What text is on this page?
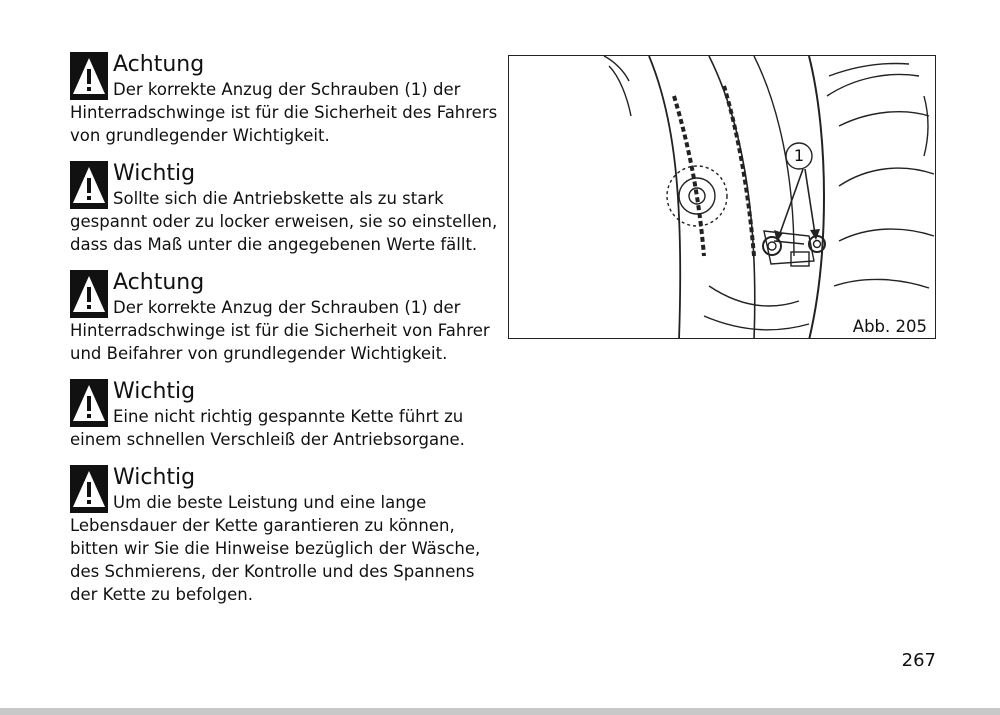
Achtung
Der korrekte Anzug der Schrauben (1) der
Hinterradschwinge ist für die Sicherheit des Fahrers von grundlegender Wichtigkeit.
Wichtig
Sollte sich die Antriebskette als zu stark
gespannt oder zu locker erweisen, sie so einstellen, dass das Maß unter die angegebenen Werte fällt.
Achtung
Der korrekte Anzug der Schrauben (1) der
Hinterradschwinge ist für die Sicherheit von Fahrer und Beifahrer von grundlegender Wichtigkeit.
Wichtig
Eine nicht richtig gespannte Kette führt zu
einem schnellen Verschleiß der Antriebsorgane.
Wichtig
Um die beste Leistung und eine lange
Lebensdauer der Kette garantieren zu können, bitten wir Sie die Hinweise bezüglich der Wäsche, des Schmierens, der Kontrolle und des Spannens der Kette zu befolgen.
1
Abb. 205
267
